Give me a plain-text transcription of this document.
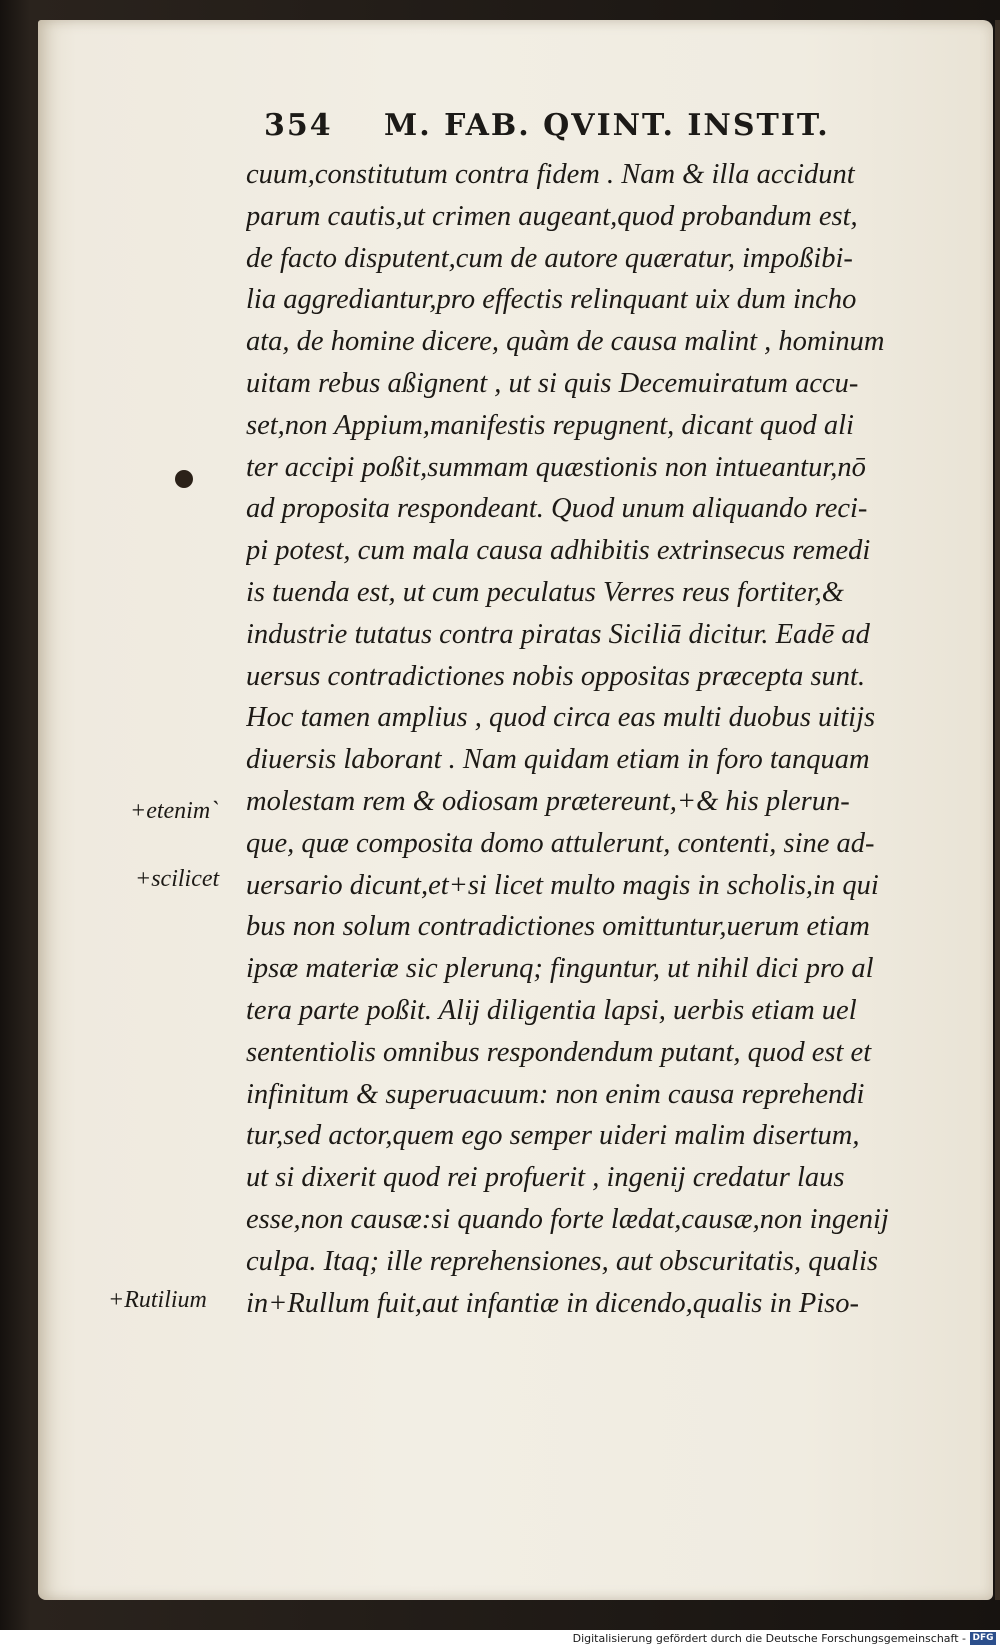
354 M. FAB. QVINT. INSTIT.
+etenim`
+scilicet
+Rutilium
cuum,constitutum contra fidem . Nam & illa accidunt
parum cautis,ut crimen augeant,quod probandum est,
de facto disputent,cum de autore quæratur, impoßibi-
lia aggrediantur,pro effectis relinquant uix dum incho
ata, de homine dicere, quàm de causa malint , hominum
uitam rebus aßignent , ut si quis Decemuiratum accu-
set,non Appium,manifestis repugnent, dicant quod ali
ter accipi poßit,summam quæstionis non intueantur,nō
ad proposita respondeant. Quod unum aliquando reci-
pi potest, cum mala causa adhibitis extrinsecus remedi
is tuenda est, ut cum peculatus Verres reus fortiter,&
industrie tutatus contra piratas Siciliā dicitur. Eadē ad
uersus contradictiones nobis oppositas præcepta sunt.
Hoc tamen amplius , quod circa eas multi duobus uitijs
diuersis laborant . Nam quidam etiam in foro tanquam
molestam rem & odiosam prætereunt,+& his plerun-
que, quæ composita domo attulerunt, contenti, sine ad-
uersario dicunt,et+si licet multo magis in scholis,in qui
bus non solum contradictiones omittuntur,uerum etiam
ipsæ materiæ sic plerunq; finguntur, ut nihil dici pro al
tera parte poßit. Alij diligentia lapsi, uerbis etiam uel
sententiolis omnibus respondendum putant, quod est et
infinitum & superuacuum: non enim causa reprehendi
tur,sed actor,quem ego semper uideri malim disertum,
ut si dixerit quod rei profuerit , ingenij credatur laus
esse,non causæ:si quando forte lædat,causæ,non ingenij
culpa. Itaq; ille reprehensiones, aut obscuritatis, qualis
in+Rullum fuit,aut infantiæ in dicendo,qualis in Piso-
Digitalisierung gefördert durch die Deutsche Forschungsgemeinschaft - DFG
